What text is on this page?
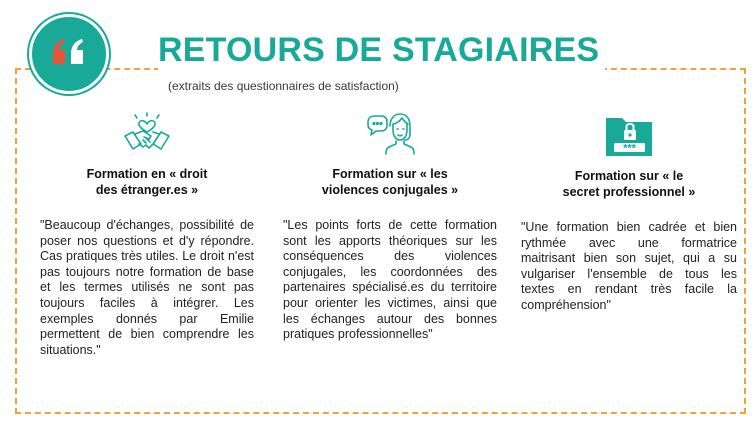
RETOURS DE STAGIAIRES
(extraits des questionnaires de satisfaction)
Formation en « droit
des étranger.es »
"Beaucoup d'échanges, possibilité de poser nos questions et d'y répondre. Cas pratiques très utiles. Le droit n'est pas toujours notre formation de base et les termes utilisés ne sont pas toujours faciles à intégrer. Les exemples donnés par Emilie permettent de bien comprendre les situations."
Formation sur « les
violences conjugales »
"Les points forts de cette formation sont les apports théoriques sur les conséquences des violences conjugales, les coordonnées des partenaires spécialisé.es du territoire pour orienter les victimes, ainsi que les échanges autour des bonnes pratiques professionnelles"
***
Formation sur « le
secret professionnel »
"Une formation bien cadrée et bien rythmée avec une formatrice maitrisant bien son sujet, qui a su vulgariser l'ensemble de tous les textes en rendant très facile la compréhension"
